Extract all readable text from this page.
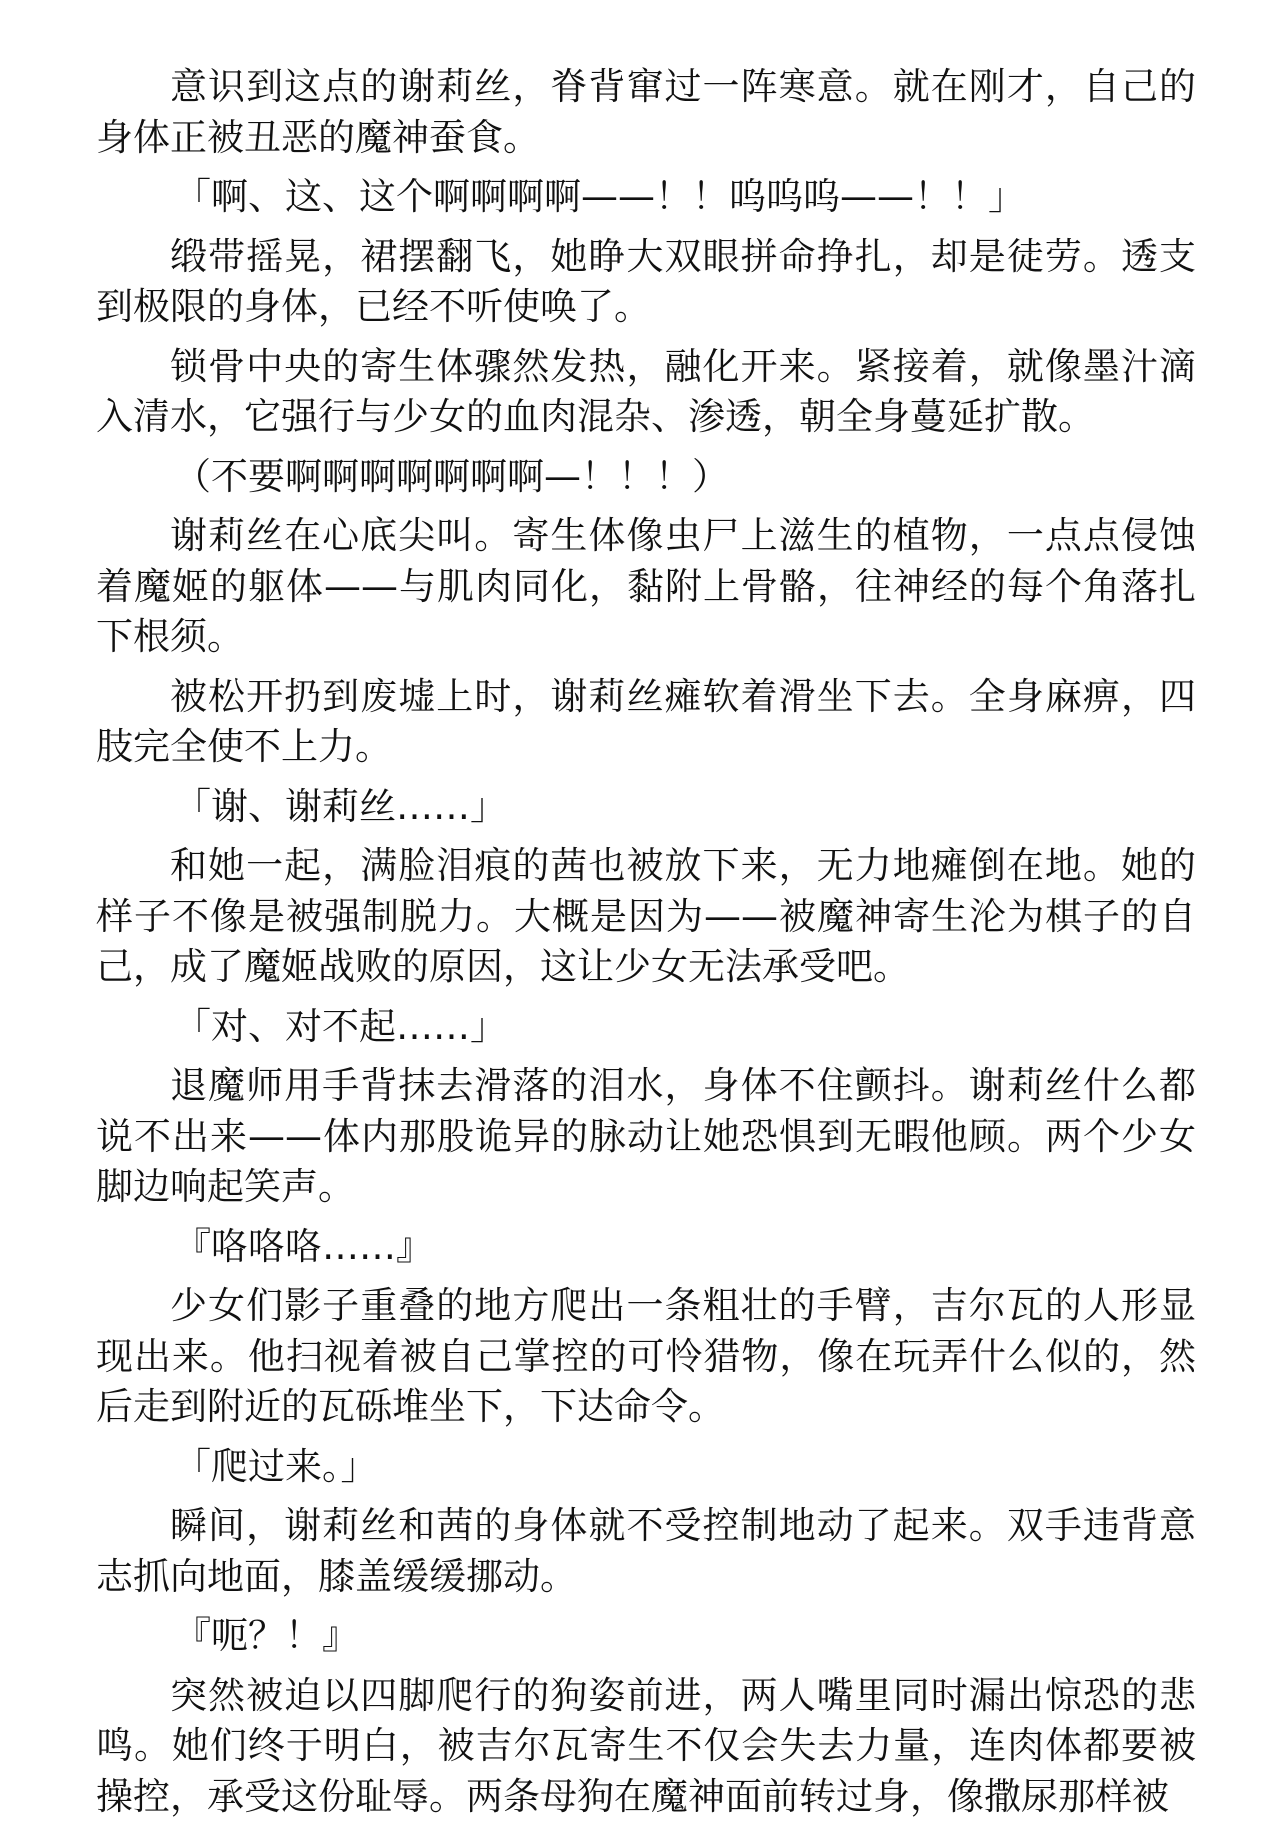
意识到这点的谢莉丝，脊背窜过一阵寒意。就在刚才，自己的身体正被丑恶的魔神蚕食。

「啊、这、这个啊啊啊啊——！！呜呜呜——！！」

缎带摇晃，裙摆翻飞，她睁大双眼拼命挣扎，却是徒劳。透支到极限的身体，已经不听使唤了。

锁骨中央的寄生体骤然发热，融化开来。紧接着，就像墨汁滴入清水，它强行与少女的血肉混杂、渗透，朝全身蔓延扩散。

（不要啊啊啊啊啊啊啊—！！！）

谢莉丝在心底尖叫。寄生体像虫尸上滋生的植物，一点点侵蚀着魔姬的躯体——与肌肉同化，黏附上骨骼，往神经的每个角落扎下根须。

被松开扔到废墟上时，谢莉丝瘫软着滑坐下去。全身麻痹，四肢完全使不上力。

「谢、谢莉丝……」

和她一起，满脸泪痕的茜也被放下来，无力地瘫倒在地。她的样子不像是被强制脱力。大概是因为——被魔神寄生沦为棋子的自己，成了魔姬战败的原因，这让少女无法承受吧。

「对、对不起……」

退魔师用手背抹去滑落的泪水，身体不住颤抖。谢莉丝什么都说不出来——体内那股诡异的脉动让她恐惧到无暇他顾。两个少女脚边响起笑声。

『咯咯咯……』

少女们影子重叠的地方爬出一条粗壮的手臂，吉尔瓦的人形显现出来。他扫视着被自己掌控的可怜猎物，像在玩弄什么似的，然后走到附近的瓦砾堆坐下，下达命令。

「爬过来。」

瞬间，谢莉丝和茜的身体就不受控制地动了起来。双手违背意志抓向地面，膝盖缓缓挪动。

『呃？！』

突然被迫以四脚爬行的狗姿前进，两人嘴里同时漏出惊恐的悲鸣。她们终于明白，被吉尔瓦寄生不仅会失去力量，连肉体都要被操控，承受这份耻辱。两条母狗在魔神面前转过身，像撒尿那样被
